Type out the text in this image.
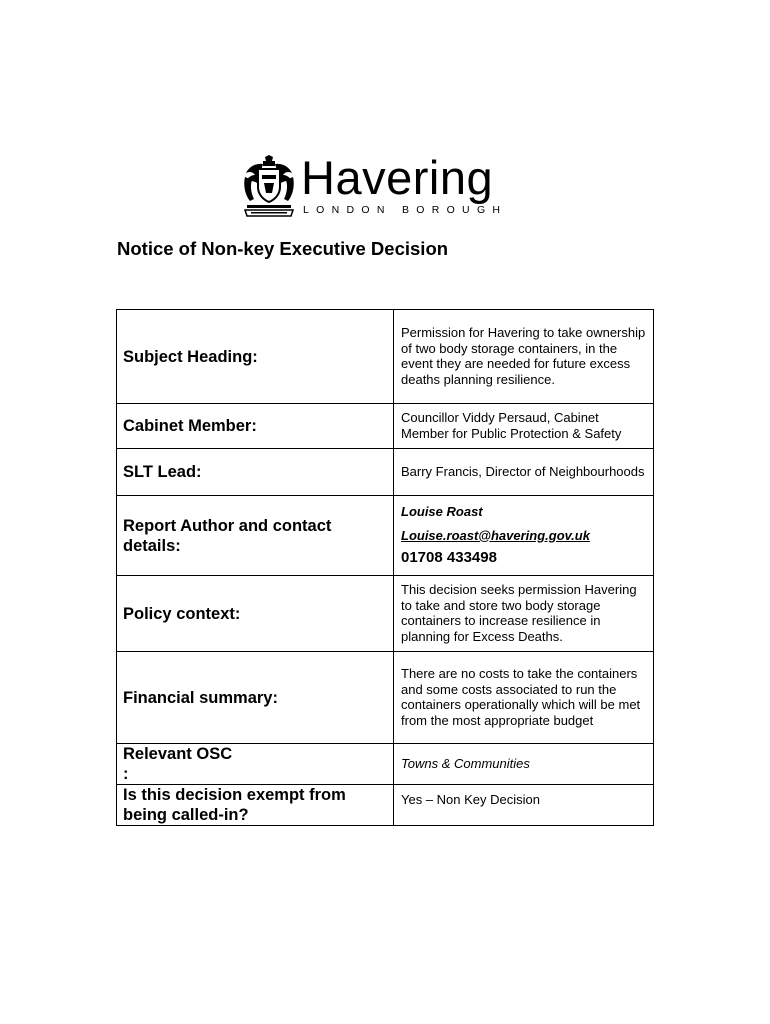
Havering
LONDON BOROUGH
Notice of Non-key Executive Decision
Subject Heading:	Permission for Havering to take ownership of two body storage containers, in the event they are needed for future excess deaths planning resilience.
Cabinet Member:	Councillor Viddy Persaud, Cabinet Member for Public Protection & Safety
SLT Lead:	Barry Francis, Director of Neighbourhoods
Report Author and contact details:	Louise Roast
Louise.roast@havering.gov.uk
01708 433498

Policy context:	This decision seeks permission Havering to take and store two body storage containers to increase resilience in planning for Excess Deaths.
Financial summary:	There are no costs to take the containers and some costs associated to run the containers operationally which will be met from the most appropriate budget

Relevant OSC
:	Towns & Communities
Is this decision exempt from being called-in?	Yes – Non Key Decision
